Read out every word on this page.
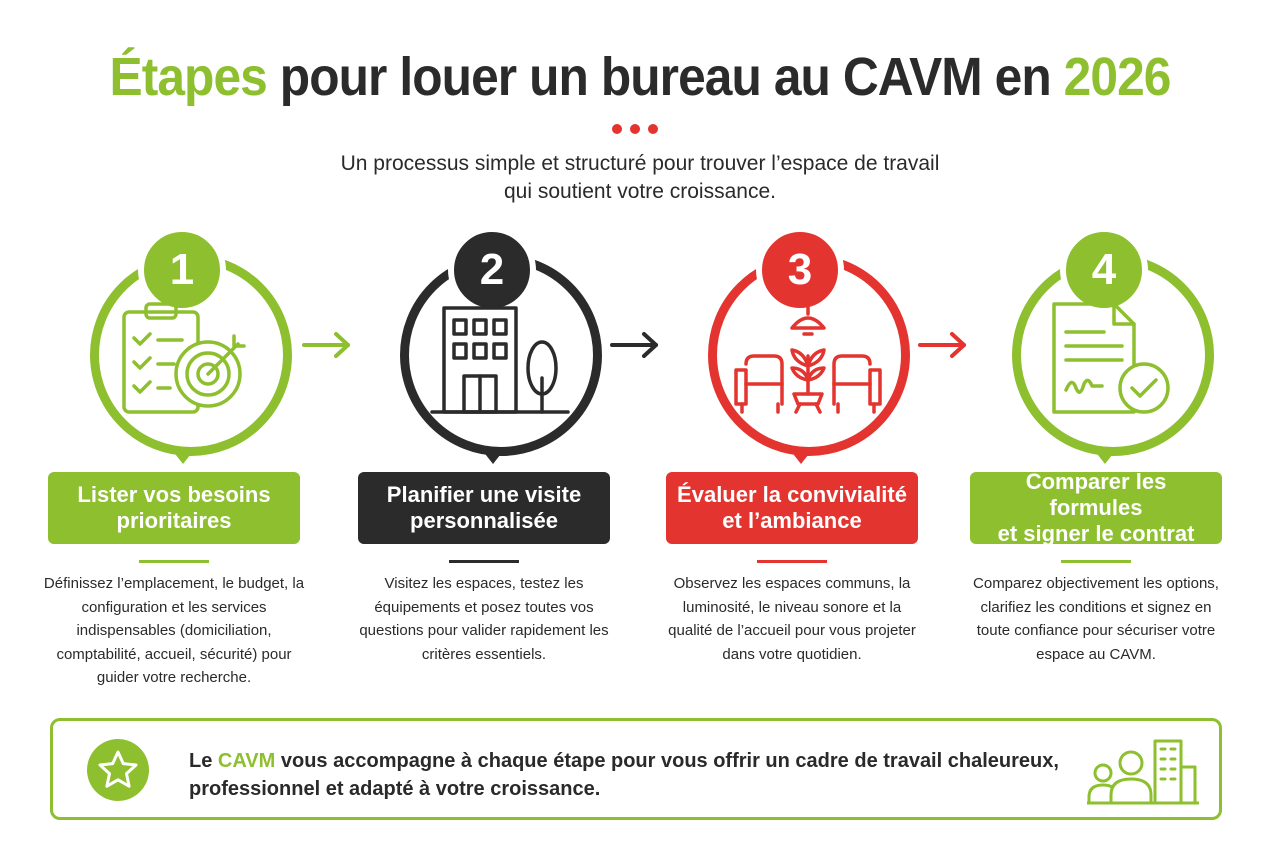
Étapes pour louer un bureau au CAVM en 2026
Un processus simple et structuré pour trouver l’espace de travail
qui soutient votre croissance.
1
Lister vos besoins
prioritaires
Définissez l’emplacement, le budget, la configuration et les services indispensables (domiciliation, comptabilité, accueil, sécurité) pour guider votre recherche.
2
Planifier une visite
personnalisée
Visitez les espaces, testez les équipements et posez toutes vos questions pour valider rapidement les critères essentiels.
3
Évaluer la convivialité
et l’ambiance
Observez les espaces communs, la luminosité, le niveau sonore et la qualité de l’accueil pour vous projeter dans votre quotidien.
4
Comparer les formules
et signer le contrat
Comparez objectivement les options, clarifiez les conditions et signez en toute confiance pour sécuriser votre espace au CAVM.
Le CAVM vous accompagne à chaque étape pour vous offrir un cadre de travail chaleureux,
professionnel et adapté à votre croissance.
